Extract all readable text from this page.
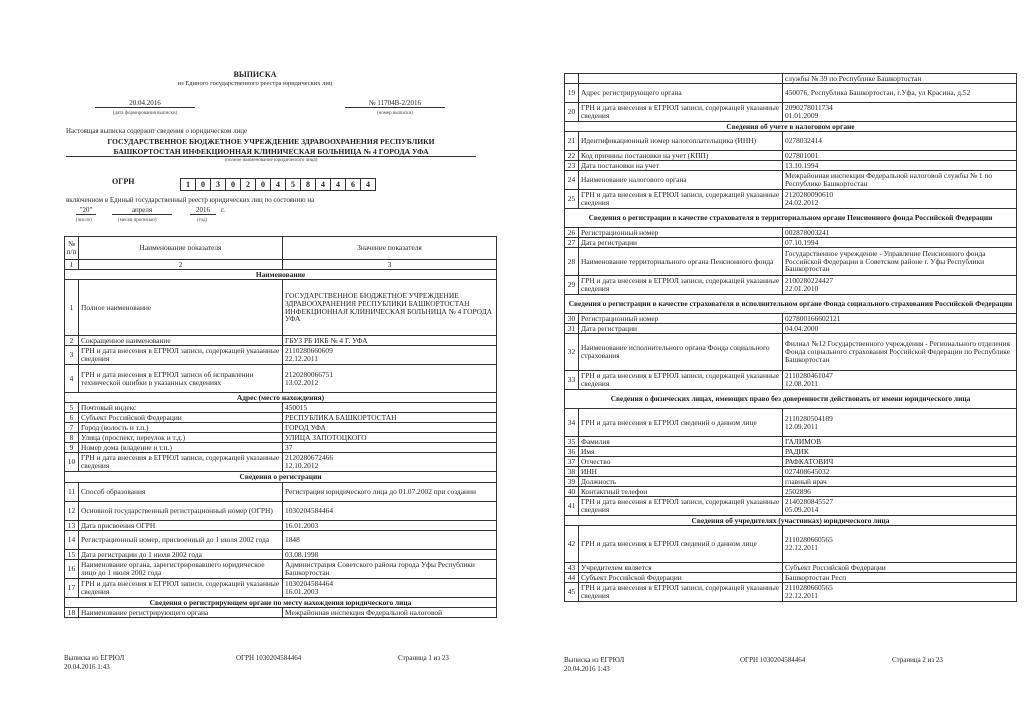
ВЫПИСКА
из Единого государственного реестра юридических лиц
20.04.2016
(дата формирования выписки)
№ 11704В-2/2016
(номер выписки)
Настоящая выписка содержит сведения о юридическом лице
ГОСУДАРСТВЕННОЕ БЮДЖЕТНОЕ УЧРЕЖДЕНИЕ ЗДРАВООХРАНЕНИЯ РЕСПУБЛИКИ
БАШКОРТОСТАН ИНФЕКЦИОННАЯ КЛИНИЧЕСКАЯ БОЛЬНИЦА № 4 ГОРОДА УФА
(полное наименование юридического лица)
ОГРН	1 0 3 0 2 0 4 5 8 4 4 6 4
включенном в Единый государственный реестр юридических лиц по состоянию на
"20"	апреля	2016	г.
(число)	(месяц прописью)	(год)
№ п/п	Наименование показателя	Значение показателя
1	2	3
Наименование		
1	Полное наименование	ГОСУДАРСТВЕННОЕ БЮДЖЕТНОЕ УЧРЕЖДЕНИЕ ЗДРАВООХРАНЕНИЯ РЕСПУБЛИКИ БАШКОРТОСТАН ИНФЕКЦИОННАЯ КЛИНИЧЕСКАЯ БОЛЬНИЦА № 4 ГОРОДА УФА

2	Сокращенное наименование	ГБУЗ РБ ИКБ № 4 Г. УФА

3	ГРН и дата внесения в ЕГРЮЛ записи, содержащей указанные сведения	2110280660609
22.12.2011

4	ГРН и дата внесения в ЕГРЮЛ записи об исправлении технической ошибки в указанных сведениях	2120280066751
13.02.2012

Адрес (место нахождения)		
5	Почтовый индекс	450015

6	Субъект Российской Федерации	РЕСПУБЛИКА БАШКОРТОСТАН

7	Город (волость и т.п.)	ГОРОД УФА

8	Улица (проспект, переулок и т.д.)	УЛИЦА ЗАПОТОЦКОГО

9	Номер дома (владение и т.п.)	37

10	ГРН и дата внесения в ЕГРЮЛ записи, содержащей указанные сведения	2120280672466
12.10.2012

Сведения о регистрации		
11	Способ образования	Регистрация юридического лица до 01.07.2002 при создании

12	Основной государственный регистрационный номер (ОГРН)	1030204584464

13	Дата присвоения ОГРН	16.01.2003

14	Регистрационный номер, присвоенный до 1 июля 2002 года	1848

15	Дата регистрации до 1 июля 2002 года	03.08.1998

16	Наименование органа, зарегистрировавшего юридическое лицо до 1 июля 2002 года	Администрация Советского района города Уфы Республики Башкортостан

17	ГРН и дата внесения в ЕГРЮЛ записи, содержащей указанные сведения	1030204584464
16.01.2003

Сведения о регистрирующем органе по месту нахождения юридического лица		
18	Наименование регистрирующего органа	Межрайонная инспекция Федеральной налоговой
Выписка из ЕГРЮЛ
20.04.2016 1:43
ОГРН 1030204584464	Страница 1 из 23

		службы № 39 по Республике Башкортостан

19	Адрес регистрирующего органа	450076, Республика Башкортостан, г.Уфа, ул Красина, д.52

20	ГРН и дата внесения в ЕГРЮЛ записи, содержащей указанные сведения	2090278011734
01.01.2009

Сведения об учете в налоговом органе		
21	Идентификационный номер налогоплательщика (ИНН)	0278032414

22	Код причины постановки на учет (КПП)	027801001

23	Дата постановки на учет	13.10.1994

24	Наименование налогового органа	Межрайонная инспекция Федеральной налоговой службы № 1 по Республике Башкортостан

25	ГРН и дата внесения в ЕГРЮЛ записи, содержащей указанные сведения	2120280090610
24.02.2012

Сведения о регистрации в качестве страхователя в территориальном органе Пенсионного фонда Российской Федерации		
26	Регистрационный номер	002878003241

27	Дата регистрации	07.10.1994

28	Наименование территориального органа Пенсионного фонда	Государственное учреждение - Управление Пенсионного фонда Российской Федерации в Советском районе г. Уфы Республики Башкортостан

29	ГРН и дата внесения в ЕГРЮЛ записи, содержащей указанные сведения	2100280224427
22.01.2010

Сведения о регистрации в качестве страхователя в исполнительном органе Фонда социального страхования Российской Федерации		
30	Регистрационный номер	027800166602121

31	Дата регистрации	04.04.2000

32	Наименование исполнительного органа Фонда социального страхования	Филиал №12 Государственного учреждения - Регионального отделения Фонда социального страхования Российской Федерации по Республике Башкортостан

33	ГРН и дата внесения в ЕГРЮЛ записи, содержащей указанные сведения	2110280461047
12.08.2011

Сведения о физических лицах, имеющих право без доверенности действовать от имени юридического лица		
34	ГРН и дата внесения в ЕГРЮЛ сведений о данном лице	2110280504189
12.09.2011

35	Фамилия	ГАЛИМОВ

36	Имя	РАДИК

37	Отчество	РАФКАТОВИЧ

38	ИНН	027408645032

39	Должность	главный врач

40	Контактный телефон	2502896

41	ГРН и дата внесения в ЕГРЮЛ записи, содержащей указанные сведения	2140280845527
05.09.2014

Сведения об учредителях (участниках) юридического лица		
42	ГРН и дата внесения в ЕГРЮЛ сведений о данном лице	2110280660565
22.12.2011

43	Учредителем является	Субъект Российской Федерации

44	Субъект Российской Федерации	Башкортостан Респ

45	ГРН и дата внесения в ЕГРЮЛ записи, содержащей указанные сведения	2110280660565
22.12.2011
Выписка из ЕГРЮЛ
20.04.2016 1:43
ОГРН 1030204584464	Страница 2 из 23
